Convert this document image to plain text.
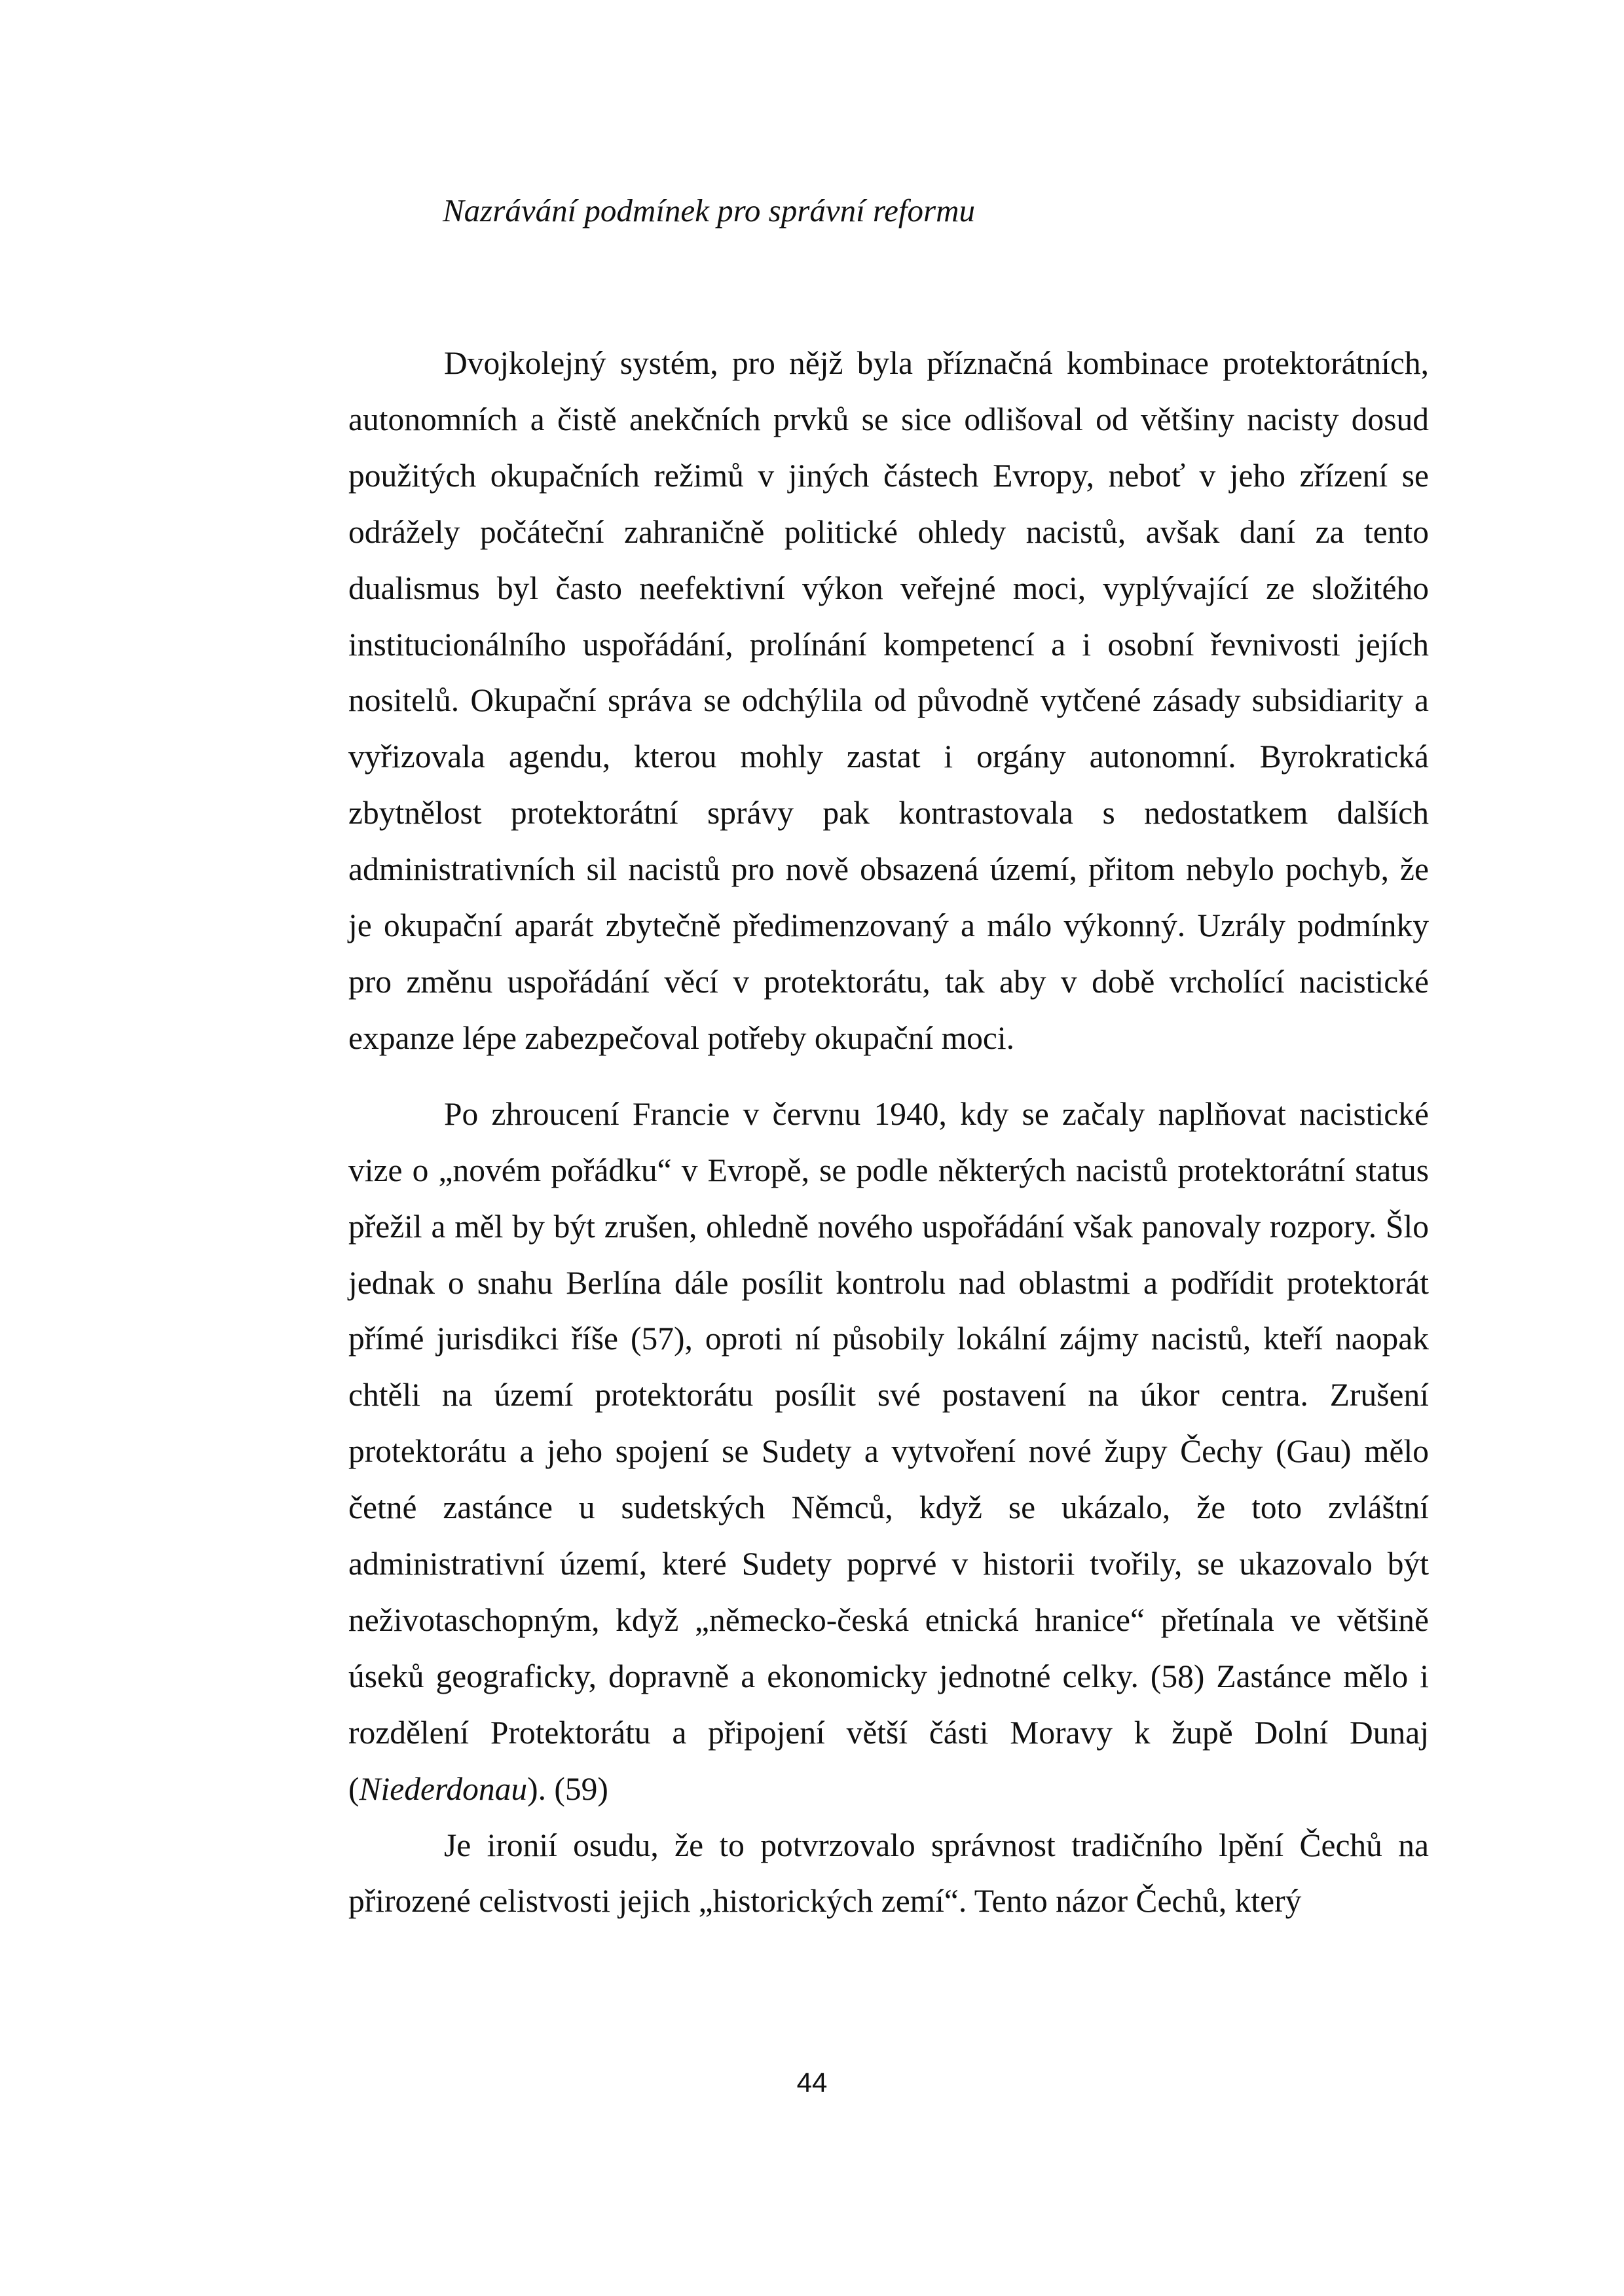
Nazrávání podmínek pro správní reformu

Dvojkolejný systém, pro nějž byla příznačná kombinace protektorátních, autonomních a čistě anekčních prvků se sice odlišoval od většiny nacisty dosud použitých okupačních režimů v jiných částech Evropy, neboť v jeho zřízení se odrážely počáteční zahraničně politické ohledy nacistů, avšak daní za tento dualismus byl často neefektivní výkon veřejné moci, vyplývající ze složitého institucionálního uspořádání, prolínání kompetencí a i osobní řevnivosti jejích nositelů. Okupační správa se odchýlila od původně vytčené zásady subsidiarity a vyřizovala agendu, kterou mohly zastat i orgány autonomní. Byrokratická zbytnělost protektorátní správy pak kontrastovala s nedostatkem dalších administrativních sil nacistů pro nově obsazená území, přitom nebylo pochyb, že je okupační aparát zbytečně předimenzovaný a málo výkonný. Uzrály podmínky pro změnu uspořádání věcí v protektorátu, tak aby v době vrcholící nacistické expanze lépe zabezpečoval potřeby okupační moci.

Po zhroucení Francie v červnu 1940, kdy se začaly naplňovat nacistické vize o „novém pořádku“ v Evropě, se podle některých nacistů protektorátní status přežil a měl by být zrušen, ohledně nového uspořádání však panovaly rozpory. Šlo jednak o snahu Berlína dále posílit kontrolu nad oblastmi a podřídit protektorát přímé jurisdikci říše (57), oproti ní působily lokální zájmy nacistů, kteří naopak chtěli na území protektorátu posílit své postavení na úkor centra. Zrušení protektorátu a jeho spojení se Sudety a vytvoření nové župy Čechy (Gau) mělo četné zastánce u sudetských Němců, když se ukázalo, že toto zvláštní administrativní území, které Sudety poprvé v historii tvořily, se ukazovalo být neživotaschopným, když „německo-česká etnická hranice“ přetínala ve většině úseků geograficky, dopravně a ekonomicky jednotné celky. (58) Zastánce mělo i rozdělení Protektorátu a připojení větší části Moravy k župě Dolní Dunaj (Niederdonau). (59)

Je ironií osudu, že to potvrzovalo správnost tradičního lpění Čechů na přirozené celistvosti jejich „historických zemí“. Tento názor Čechů, který

44
